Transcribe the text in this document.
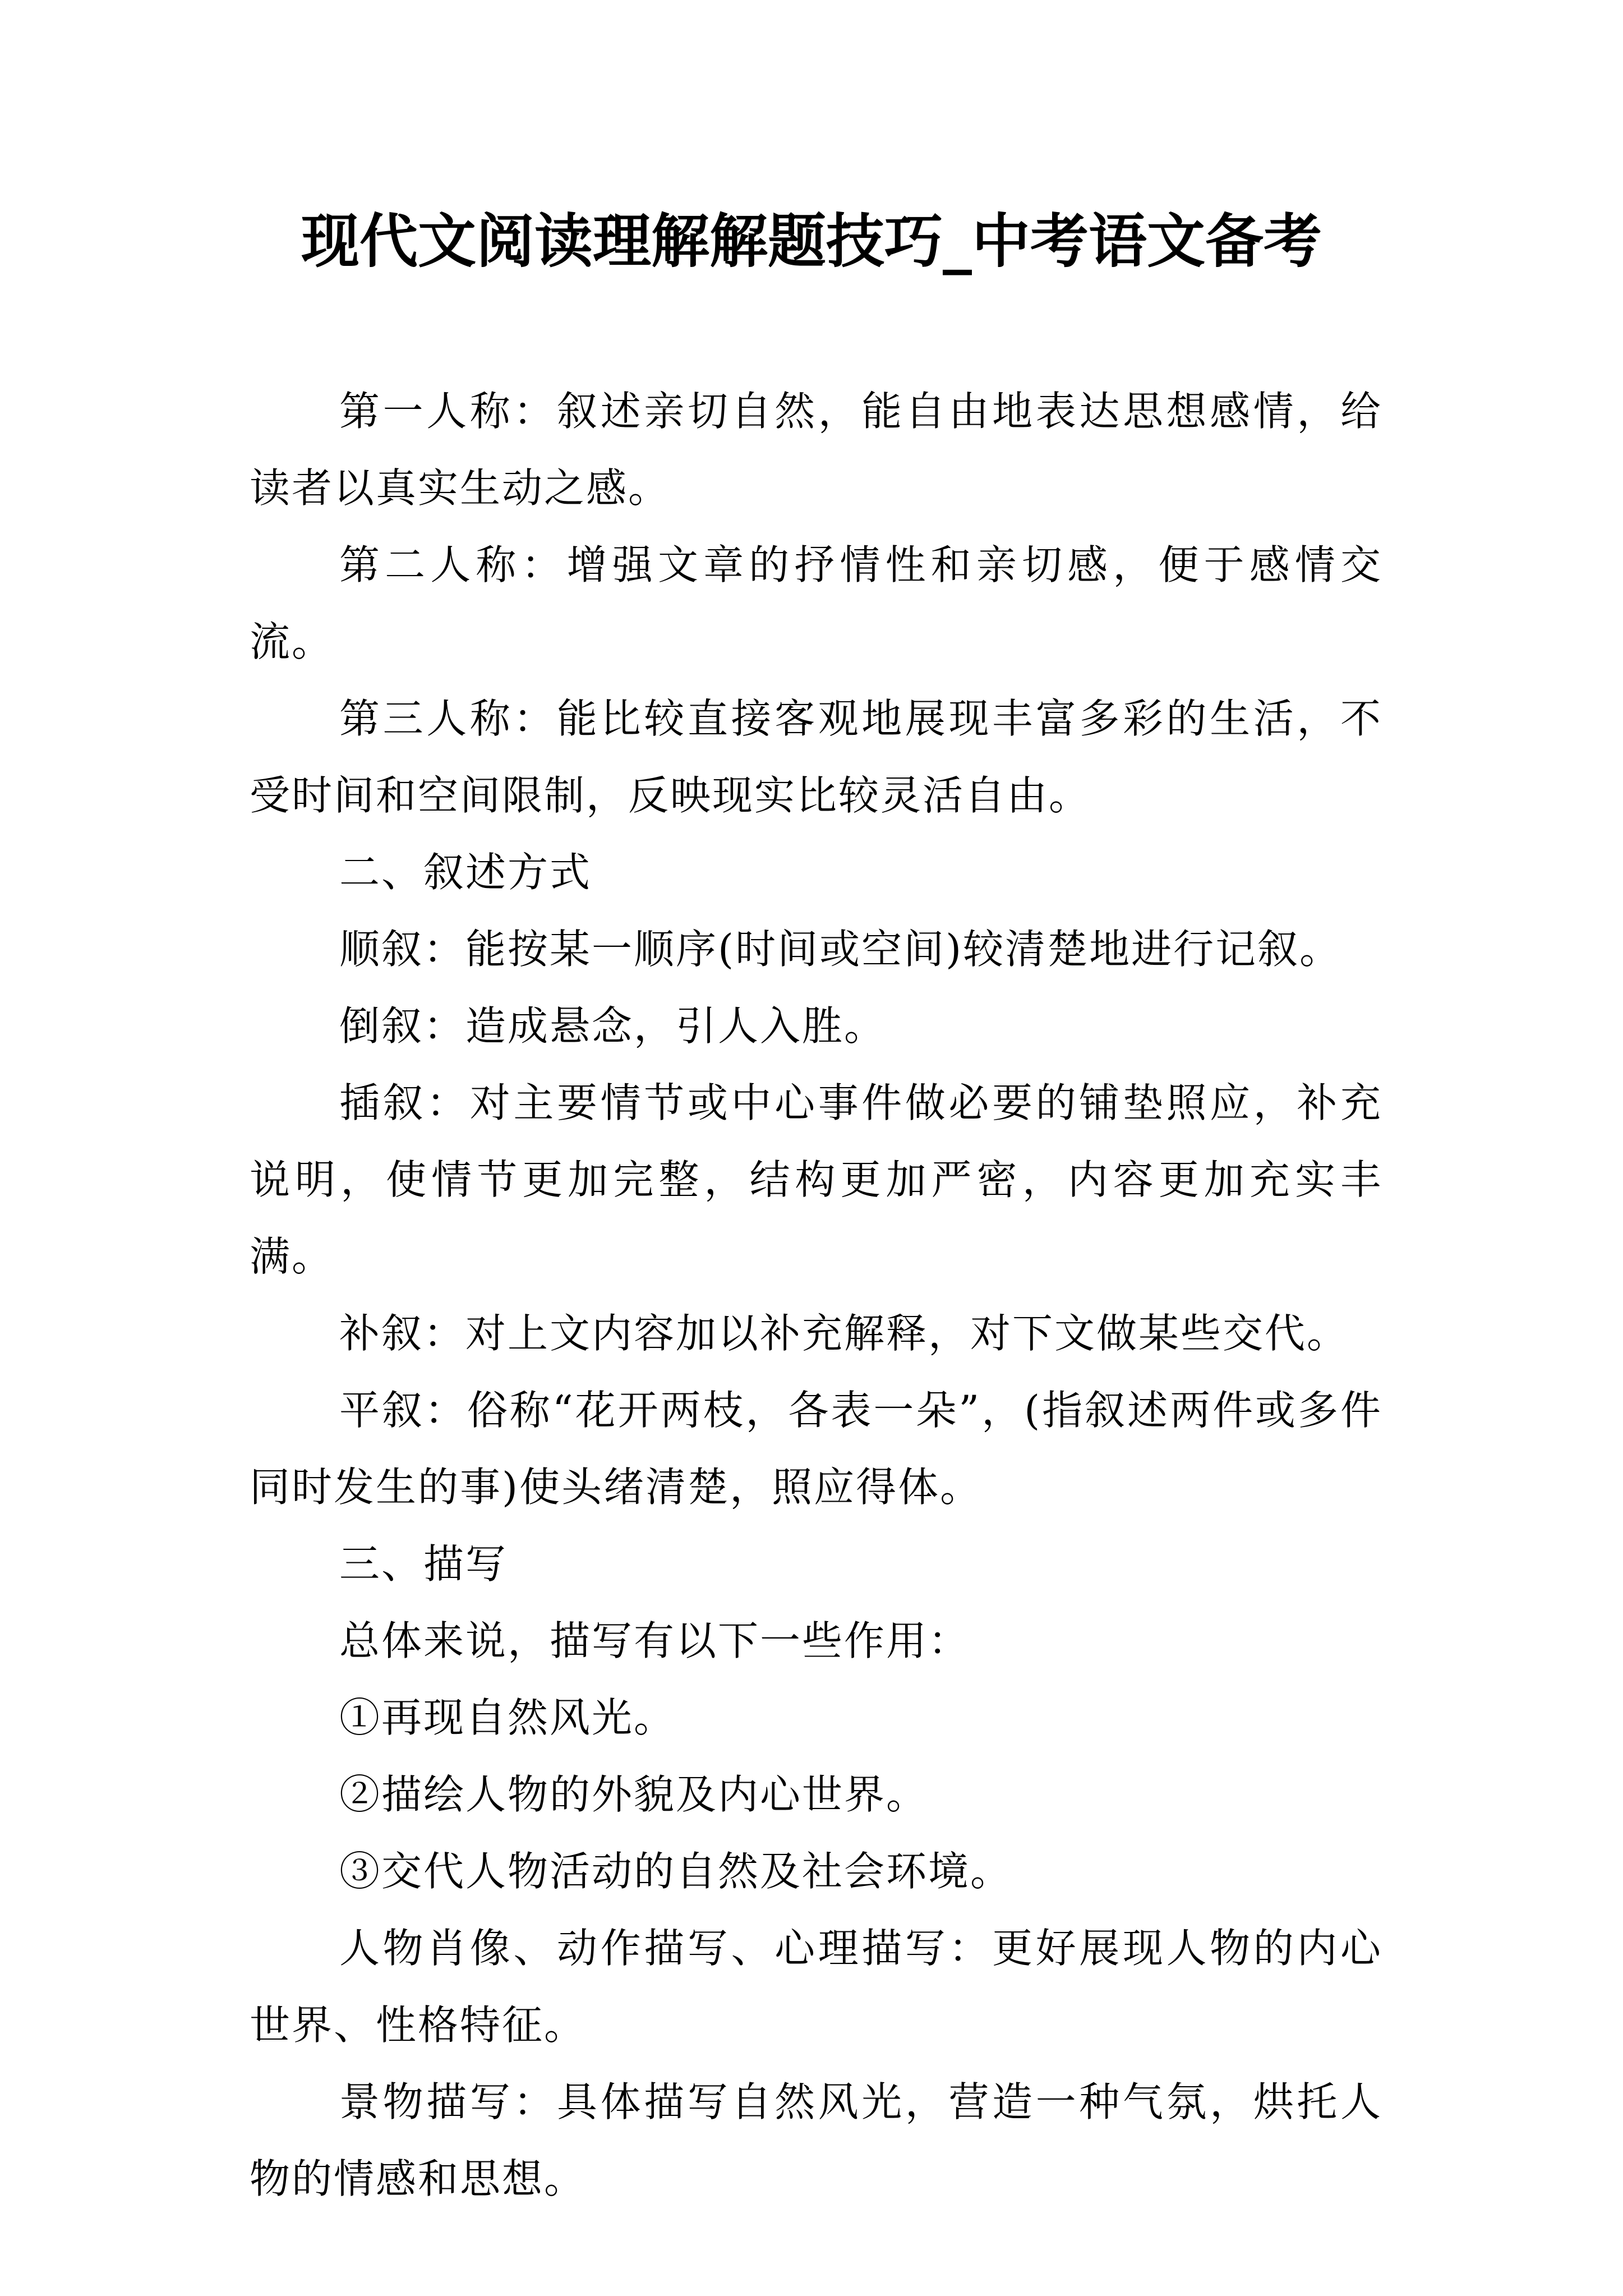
现代文阅读理解解题技巧_中考语文备考

第一人称：叙述亲切自然，能自由地表达思想感情，给读者以真实生动之感。

第二人称：增强文章的抒情性和亲切感，便于感情交流。

第三人称：能比较直接客观地展现丰富多彩的生活，不受时间和空间限制，反映现实比较灵活自由。

二、叙述方式

顺叙：能按某一顺序(时间或空间)较清楚地进行记叙。

倒叙：造成悬念，引人入胜。

插叙：对主要情节或中心事件做必要的铺垫照应，补充说明，使情节更加完整，结构更加严密，内容更加充实丰满。

补叙：对上文内容加以补充解释，对下文做某些交代。

平叙：俗称“花开两枝，各表一朵”，(指叙述两件或多件同时发生的事)使头绪清楚，照应得体。

三、描写

总体来说，描写有以下一些作用：

①再现自然风光。

②描绘人物的外貌及内心世界。

③交代人物活动的自然及社会环境。

人物肖像、动作描写、心理描写：更好展现人物的内心世界、性格特征。

景物描写：具体描写自然风光，营造一种气氛，烘托人物的情感和思想。
